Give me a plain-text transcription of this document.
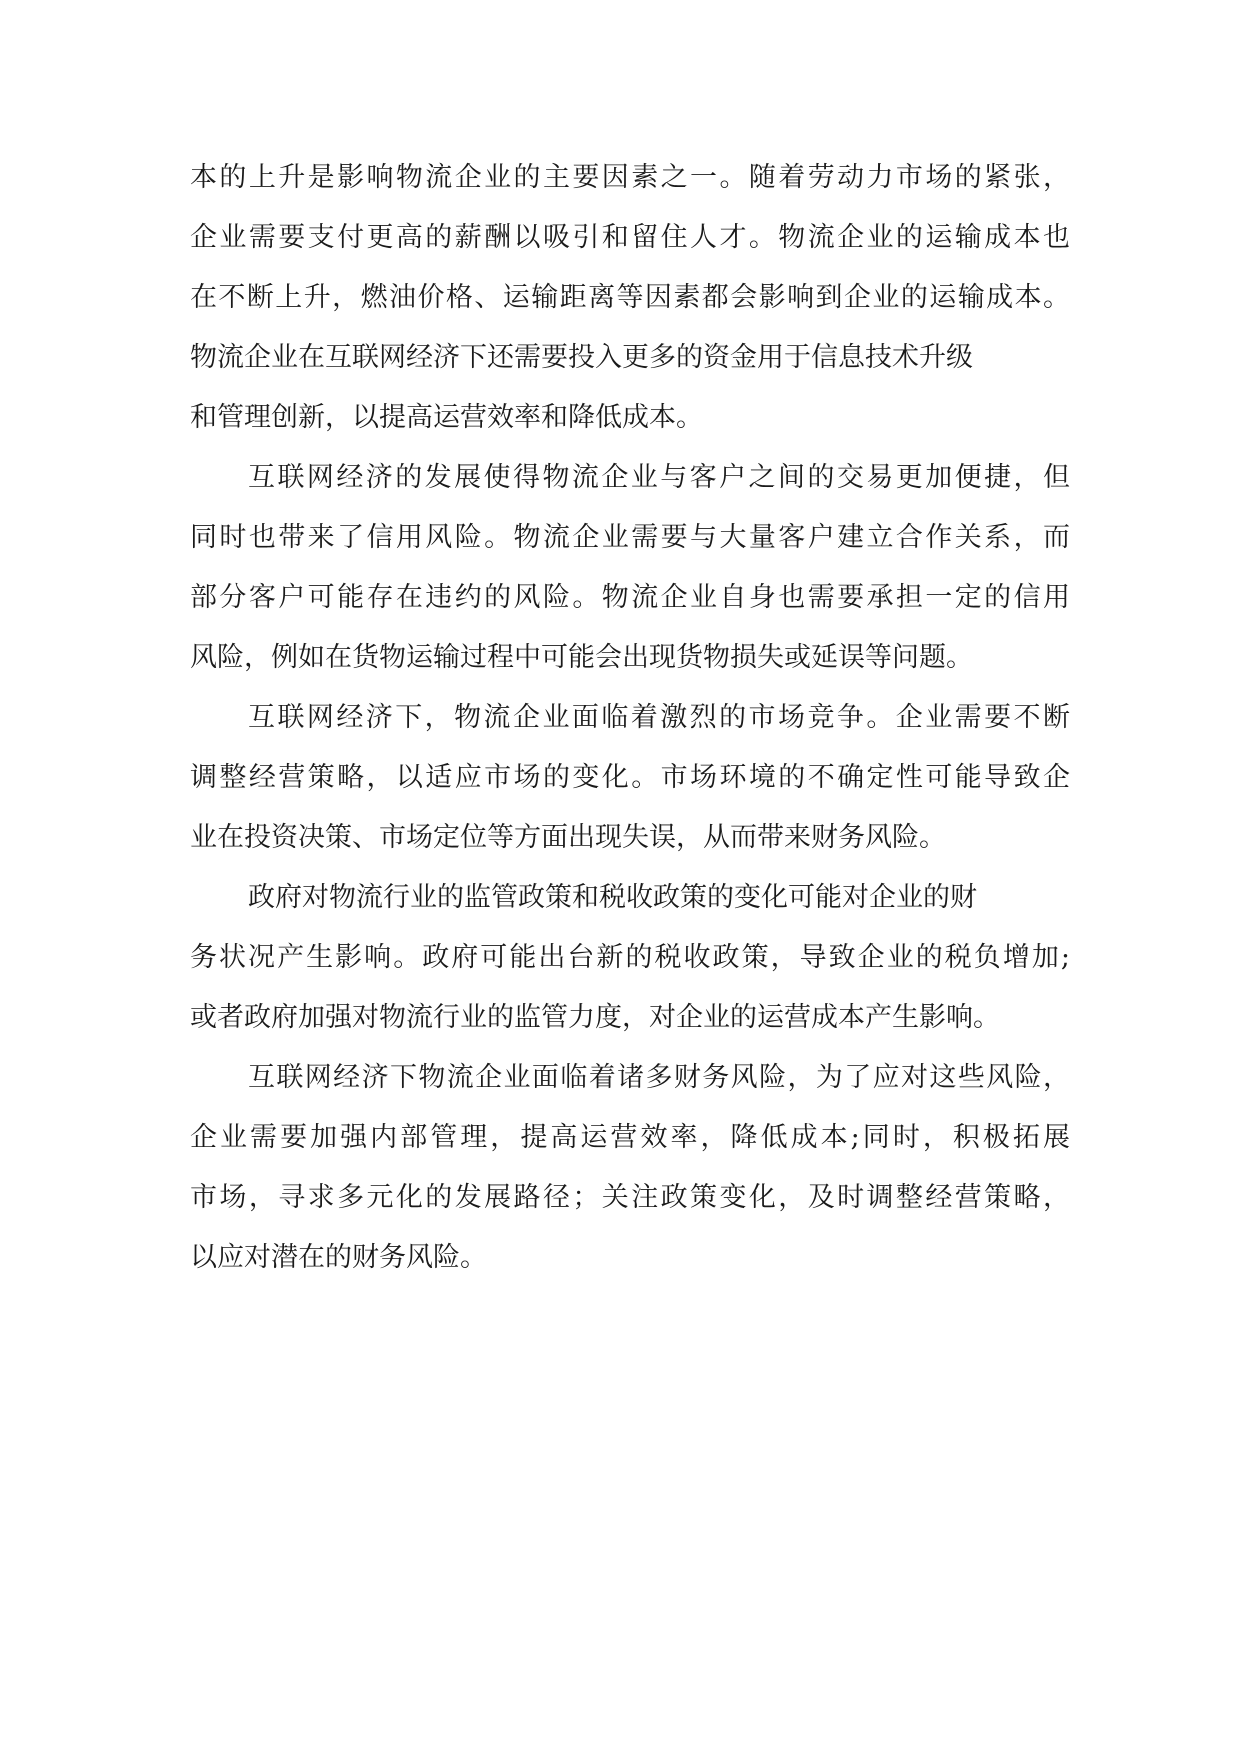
本的上升是影响物流企业的主要因素之一。随着劳动力市场的紧张，
企业需要支付更高的薪酬以吸引和留住人才。物流企业的运输成本也
在不断上升，燃油价格、运输距离等因素都会影响到企业的运输成本。
物流企业在互联网经济下还需要投入更多的资金用于信息技术升级
和管理创新，以提高运营效率和降低成本。
互联网经济的发展使得物流企业与客户之间的交易更加便捷，但
同时也带来了信用风险。物流企业需要与大量客户建立合作关系，而
部分客户可能存在违约的风险。物流企业自身也需要承担一定的信用
风险，例如在货物运输过程中可能会出现货物损失或延误等问题。
互联网经济下，物流企业面临着激烈的市场竞争。企业需要不断
调整经营策略，以适应市场的变化。市场环境的不确定性可能导致企
业在投资决策、市场定位等方面出现失误，从而带来财务风险。
政府对物流行业的监管政策和税收政策的变化可能对企业的财
务状况产生影响。政府可能出台新的税收政策，导致企业的税负增加;
或者政府加强对物流行业的监管力度，对企业的运营成本产生影响。
互联网经济下物流企业面临着诸多财务风险，为了应对这些风险，
企业需要加强内部管理，提高运营效率，降低成本;同时，积极拓展
市场，寻求多元化的发展路径；关注政策变化，及时调整经营策略，
以应对潜在的财务风险。
